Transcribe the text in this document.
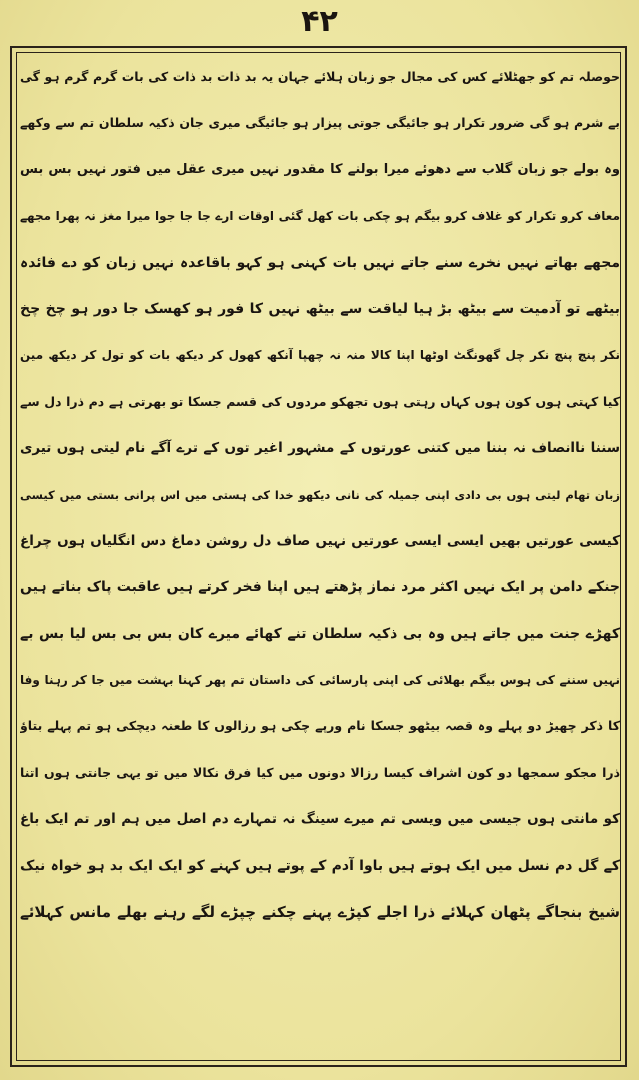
۴۲
حوصلہ تم کو جھٹلائے کس کی مجال جو زبان ہلائے جہان یہ بد ذات بد ذات کی بات گرم گرم ہو گی
بے شرم ہو گی ضرور تکرار ہو جائیگی جوتی پیزار ہو جائیگی میری جان ذکیہ سلطان تم سے وکھے
وہ بولے جو زبان گلاب سے دھوئے میرا بولنے کا مقدور نہیں میری عقل میں فتور نہیں بس بس
معاف کرو تکرار کو غلاف کرو بیگم ہو چکی بات کھل گئی اوقات ارے جا جا جوا میرا مغز نہ پھرا مجھے
مجھے بھاتے نہیں نخرے سنے جاتے نہیں بات کہنی ہو کہو باقاعدہ نہیں زبان کو دے فائدہ
بیٹھے تو آدمیت سے بیٹھ بڑ ہیا لیاقت سے بیٹھ نہیں کا فور ہو کھسک جا دور ہو چخ چخ
نکر پنچ پنچ نکر چل گھونگٹ اوٹھا اپنا کالا منہ نہ چھپا آنکھ کھول کر دیکھ بات کو تول کر دیکھ مین
کیا کہتی ہوں کون ہوں کہاں رہتی ہوں تجھکو مردوں کی قسم جسکا تو بھرتی ہے دم ذرا دل سے
سننا ناانصاف نہ بننا میں کتنی عورتوں کے مشہور اغیر توں کے ترے آگے نام لیتی ہوں تیری
زبان تھام لیتی ہوں بی دادی اپنی جمیلہ کی نانی دیکھو خدا کی ہستی میں اس پرانی بستی میں کیسی
کیسی عورتیں بھیں ایسی ایسی عورتیں نہیں صاف دل روشن دماغ دس انگلیاں ہوں چراغ
جنکے دامن پر ایک نہیں اکثر مرد نماز پڑھتے ہیں اپنا فخر کرتے ہیں عاقبت پاک بناتے ہیں
کھڑے جنت میں جاتے ہیں وہ بی ذکیہ سلطان تنے کھائے میرے کان بس بی بس لیا بس بے
نہیں سننے کی ہوس بیگم بھلائی کی اپنی پارسائی کی داستان تم پھر کہنا بہشت میں جا کر رہنا وفا
کا ذکر چھیڑ دو پہلے وہ قصہ بیٹھو جسکا نام ورپے چکی ہو رزالوں کا طعنہ دیچکی ہو تم پہلے بتاؤ
ذرا مجکو سمجھا دو کون اشراف کیسا رزالا دونوں میں کیا فرق نکالا میں تو یہی جانتی ہوں اتنا
کو مانتی ہوں جیسی میں ویسی تم میرے سینگ نہ تمہارے دم اصل میں ہم اور تم ایک باغ
کے گل دم نسل میں ایک ہوتے ہیں باوا آدم کے پوتے ہیں کہنے کو ایک ایک بد ہو خواہ نیک
شیخ بنجاگے پٹھان کہلائے ذرا اجلے کپڑے پہنے چکنے چپڑے لگے رہنے بھلے مانس کہلائے
